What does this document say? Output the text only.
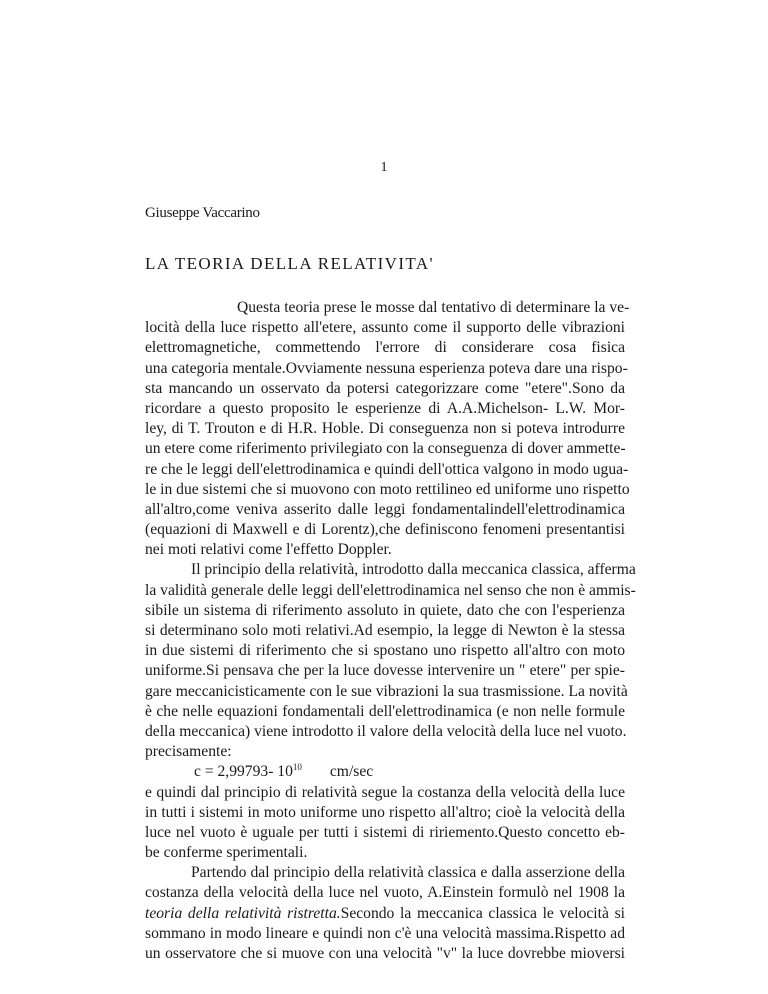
1
Giuseppe Vaccarino
LA TEORIA DELLA RELATIVITA'
Questa teoria prese le mosse dal tentativo di determinare la ve-
locità della luce rispetto all'etere, assunto come il supporto delle vibrazioni
elettromagnetiche, commettendo l'errore di considerare cosa fisica
una categoria mentale.Ovviamente nessuna esperienza poteva dare una rispo-
sta mancando un osservato da potersi categorizzare come "etere".Sono da
ricordare a questo proposito le esperienze di A.A.Michelson- L.W. Mor-
ley, di T. Trouton e di H.R. Hoble. Di conseguenza non si poteva introdurre
un etere come riferimento privilegiato con la conseguenza di dover ammette-
re che le leggi dell'elettrodinamica e quindi dell'ottica valgono in modo ugua-
le in due sistemi che si muovono con moto rettilineo ed uniforme uno rispetto
all'altro,come veniva asserito dalle leggi fondamentalindell'elettrodinamica
(equazioni di Maxwell e di Lorentz),che definiscono fenomeni presentantisi
nei moti relativi come l'effetto Doppler.
Il principio della relatività, introdotto dalla meccanica classica, afferma
la validità generale delle leggi dell'elettrodinamica nel senso che non è ammis-
sibile un sistema di riferimento assoluto in quiete, dato che con l'esperienza
si determinano solo moti relativi.Ad esempio, la legge di Newton è la stessa
in due sistemi di riferimento che si spostano uno rispetto all'altro con moto
uniforme.Si pensava che per la luce dovesse intervenire un " etere" per spie-
gare meccanicisticamente con le sue vibrazioni la sua trasmissione. La novità
è che nelle equazioni fondamentali dell'elettrodinamica (e non nelle formule
della meccanica) viene introdotto il valore della velocità della luce nel vuoto.
precisamente:
c = 2,99793- $10^{10}$ cm/sec
e quindi dal principio di relatività segue la costanza della velocità della luce
in tutti i sistemi in moto uniforme uno rispetto all'altro; cioè la velocità della
luce nel vuoto è uguale per tutti i sistemi di ririemento.Questo concetto eb-
be conferme sperimentali.
Partendo dal principio della relatività classica e dalla asserzione della
costanza della velocità della luce nel vuoto, A.Einstein formulò nel 1908 la
teoria della relatività ristretta.Secondo la meccanica classica le velocità si
sommano in modo lineare e quindi non c'è una velocità massima.Rispetto ad
un osservatore che si muove con una velocità "v" la luce dovrebbe mioversi
